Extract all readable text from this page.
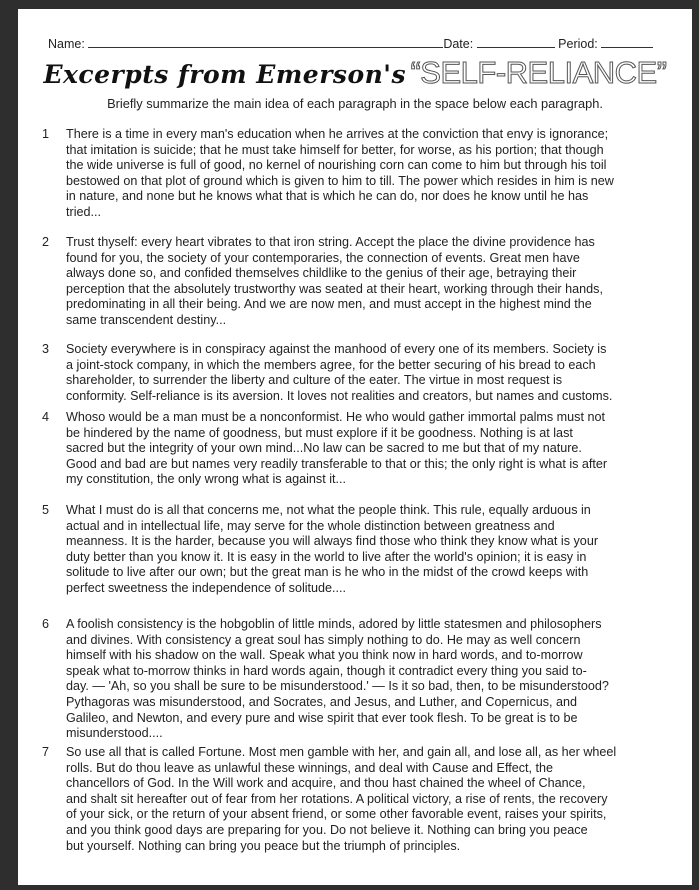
Name:	Date:	Period:
Excerpts from Emerson's “SELF-RELIANCE”
Briefly summarize the main idea of each paragraph in the space below each paragraph.
1 There is a time in every man's education when he arrives at the conviction that envy is ignorance;
that imitation is suicide; that he must take himself for better, for worse, as his portion; that though
the wide universe is full of good, no kernel of nourishing corn can come to him but through his toil
bestowed on that plot of ground which is given to him to till. The power which resides in him is new
in nature, and none but he knows what that is which he can do, nor does he know until he has
tried...
2 Trust thyself: every heart vibrates to that iron string. Accept the place the divine providence has
found for you, the society of your contemporaries, the connection of events. Great men have
always done so, and confided themselves childlike to the genius of their age, betraying their
perception that the absolutely trustworthy was seated at their heart, working through their hands,
predominating in all their being. And we are now men, and must accept in the highest mind the
same transcendent destiny...
3 Society everywhere is in conspiracy against the manhood of every one of its members. Society is
a joint-stock company, in which the members agree, for the better securing of his bread to each
shareholder, to surrender the liberty and culture of the eater. The virtue in most request is
conformity. Self-reliance is its aversion. It loves not realities and creators, but names and customs.
4 Whoso would be a man must be a nonconformist. He who would gather immortal palms must not
be hindered by the name of goodness, but must explore if it be goodness. Nothing is at last
sacred but the integrity of your own mind...No law can be sacred to me but that of my nature.
Good and bad are but names very readily transferable to that or this; the only right is what is after
my constitution, the only wrong what is against it...
5 What I must do is all that concerns me, not what the people think. This rule, equally arduous in
actual and in intellectual life, may serve for the whole distinction between greatness and
meanness. It is the harder, because you will always find those who think they know what is your
duty better than you know it. It is easy in the world to live after the world's opinion; it is easy in
solitude to live after our own; but the great man is he who in the midst of the crowd keeps with
perfect sweetness the independence of solitude....
6 A foolish consistency is the hobgoblin of little minds, adored by little statesmen and philosophers
and divines. With consistency a great soul has simply nothing to do. He may as well concern
himself with his shadow on the wall. Speak what you think now in hard words, and to-morrow
speak what to-morrow thinks in hard words again, though it contradict every thing you said to-
day. — 'Ah, so you shall be sure to be misunderstood.' — Is it so bad, then, to be misunderstood?
Pythagoras was misunderstood, and Socrates, and Jesus, and Luther, and Copernicus, and
Galileo, and Newton, and every pure and wise spirit that ever took flesh. To be great is to be
misunderstood....
7 So use all that is called Fortune. Most men gamble with her, and gain all, and lose all, as her wheel
rolls. But do thou leave as unlawful these winnings, and deal with Cause and Effect, the
chancellors of God. In the Will work and acquire, and thou hast chained the wheel of Chance,
and shalt sit hereafter out of fear from her rotations. A political victory, a rise of rents, the recovery
of your sick, or the return of your absent friend, or some other favorable event, raises your spirits,
and you think good days are preparing for you. Do not believe it. Nothing can bring you peace
but yourself. Nothing can bring you peace but the triumph of principles.
